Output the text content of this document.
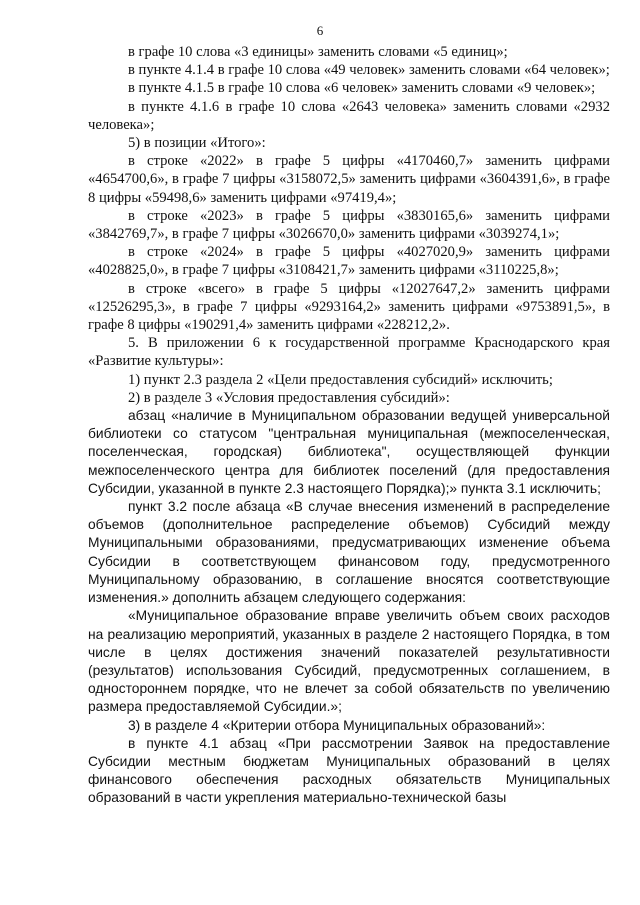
6

в графе 10 слова «3 единицы» заменить словами «5 единиц»;

в пункте 4.1.4 в графе 10 слова «49 человек» заменить словами «64 человек»;

в пункте 4.1.5 в графе 10 слова «6 человек» заменить словами «9 человек»;

в пункте 4.1.6 в графе 10 слова «2643 человека» заменить словами «2932 человека»;

5) в позиции «Итого»:

в строке «2022» в графе 5 цифры «4170460,7» заменить цифрами «4654700,6», в графе 7 цифры «3158072,5» заменить цифрами «3604391,6», в графе 8 цифры «59498,6» заменить цифрами «97419,4»;

в строке «2023» в графе 5 цифры «3830165,6» заменить цифрами «3842769,7», в графе 7 цифры «3026670,0» заменить цифрами «3039274,1»;

в строке «2024» в графе 5 цифры «4027020,9» заменить цифрами «4028825,0», в графе 7 цифры «3108421,7» заменить цифрами «3110225,8»;

в строке «всего» в графе 5 цифры «12027647,2» заменить цифрами «12526295,3», в графе 7 цифры «9293164,2» заменить цифрами «9753891,5», в графе 8 цифры «190291,4» заменить цифрами «228212,2».

5. В приложении 6 к государственной программе Краснодарского края «Развитие культуры»:

1) пункт 2.3 раздела 2 «Цели предоставления субсидий» исключить;

2) в разделе 3 «Условия предоставления субсидий»:

абзац «наличие в Муниципальном образовании ведущей универсальной библиотеки со статусом "центральная муниципальная (межпоселенческая, поселенческая, городская) библиотека", осуществляющей функции межпоселенческого центра для библиотек поселений (для предоставления Субсидии, указанной в пункте 2.3 настоящего Порядка);» пункта 3.1 исключить;

пункт 3.2 после абзаца «В случае внесения изменений в распределение объемов (дополнительное распределение объемов) Субсидий между Муниципальными образованиями, предусматривающих изменение объема Субсидии в соответствующем финансовом году, предусмотренного Муниципальному образованию, в соглашение вносятся соответствующие изменения.» дополнить абзацем следующего содержания:

«Муниципальное образование вправе увеличить объем своих расходов на реализацию мероприятий, указанных в разделе 2 настоящего Порядка, в том числе в целях достижения значений показателей результативности (результатов) использования Субсидий, предусмотренных соглашением, в одностороннем порядке, что не влечет за собой обязательств по увеличению размера предоставляемой Субсидии.»;

3) в разделе 4 «Критерии отбора Муниципальных образований»:

в пункте 4.1 абзац «При рассмотрении Заявок на предоставление Субсидии местным бюджетам Муниципальных образований в целях финансового обеспечения расходных обязательств Муниципальных образований в части укрепления материально-технической базы
